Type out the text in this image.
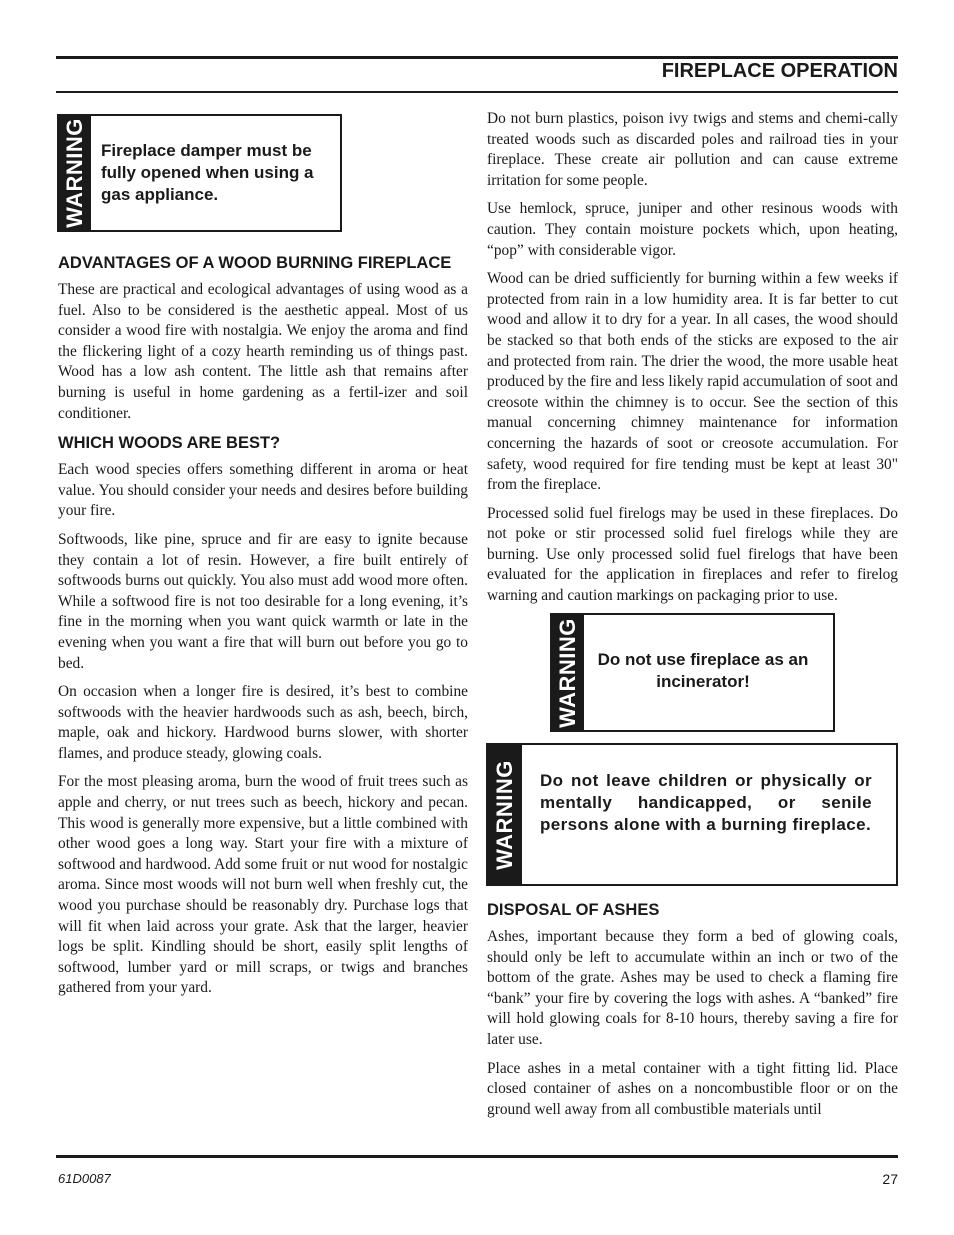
FIREPLACE OPERATION
WARNING Fireplace damper must be fully opened when using a gas appliance.
ADVANTAGES OF A WOOD BURNING FIREPLACE

These are practical and ecological advantages of using wood as a fuel. Also to be considered is the aesthetic appeal. Most of us consider a wood fire with nostalgia. We enjoy the aroma and find the flickering light of a cozy hearth reminding us of things past. Wood has a low ash content. The little ash that remains after burning is useful in home gardening as a fertil-izer and soil conditioner.

WHICH WOODS ARE BEST?

Each wood species offers something different in aroma or heat value. You should consider your needs and desires before building your fire.

Softwoods, like pine, spruce and fir are easy to ignite because they contain a lot of resin. However, a fire built entirely of softwoods burns out quickly. You also must add wood more often. While a softwood fire is not too desirable for a long evening, it’s fine in the morning when you want quick warmth or late in the evening when you want a fire that will burn out before you go to bed.

On occasion when a longer fire is desired, it’s best to combine softwoods with the heavier hardwoods such as ash, beech, birch, maple, oak and hickory. Hardwood burns slower, with shorter flames, and produce steady, glowing coals.

For the most pleasing aroma, burn the wood of fruit trees such as apple and cherry, or nut trees such as beech, hickory and pecan. This wood is generally more expensive, but a little combined with other wood goes a long way. Start your fire with a mixture of softwood and hardwood. Add some fruit or nut wood for nostalgic aroma. Since most woods will not burn well when freshly cut, the wood you purchase should be reasonably dry. Purchase logs that will fit when laid across your grate. Ask that the larger, heavier logs be split. Kindling should be short, easily split lengths of softwood, lumber yard or mill scraps, or twigs and branches gathered from your yard.

Do not burn plastics, poison ivy twigs and stems and chemi-cally treated woods such as discarded poles and railroad ties in your fireplace. These create air pollution and can cause extreme irritation for some people.

Use hemlock, spruce, juniper and other resinous woods with caution. They contain moisture pockets which, upon heating, “pop” with considerable vigor.

Wood can be dried sufficiently for burning within a few weeks if protected from rain in a low humidity area. It is far better to cut wood and allow it to dry for a year. In all cases, the wood should be stacked so that both ends of the sticks are exposed to the air and protected from rain. The drier the wood, the more usable heat produced by the fire and less likely rapid accumulation of soot and creosote within the chimney is to occur. See the section of this manual concerning chimney maintenance for information concerning the hazards of soot or creosote accumulation. For safety, wood required for fire tending must be kept at least 30" from the fireplace.

Processed solid fuel firelogs may be used in these fireplaces. Do not poke or stir processed solid fuel firelogs while they are burning. Use only processed solid fuel firelogs that have been evaluated for the application in fireplaces and refer to firelog warning and caution markings on packaging prior to use.

WARNING Do not use fireplace as an incinerator!
WARNING Do not leave children or physically or mentally handicapped, or senile persons alone with a burning fireplace.
DISPOSAL OF ASHES

Ashes, important because they form a bed of glowing coals, should only be left to accumulate within an inch or two of the bottom of the grate. Ashes may be used to check a flaming fire “bank” your fire by covering the logs with ashes. A “banked” fire will hold glowing coals for 8-10 hours, thereby saving a fire for later use.

Place ashes in a metal container with a tight fitting lid. Place closed container of ashes on a noncombustible floor or on the ground well away from all combustible materials until

61D0087	27
